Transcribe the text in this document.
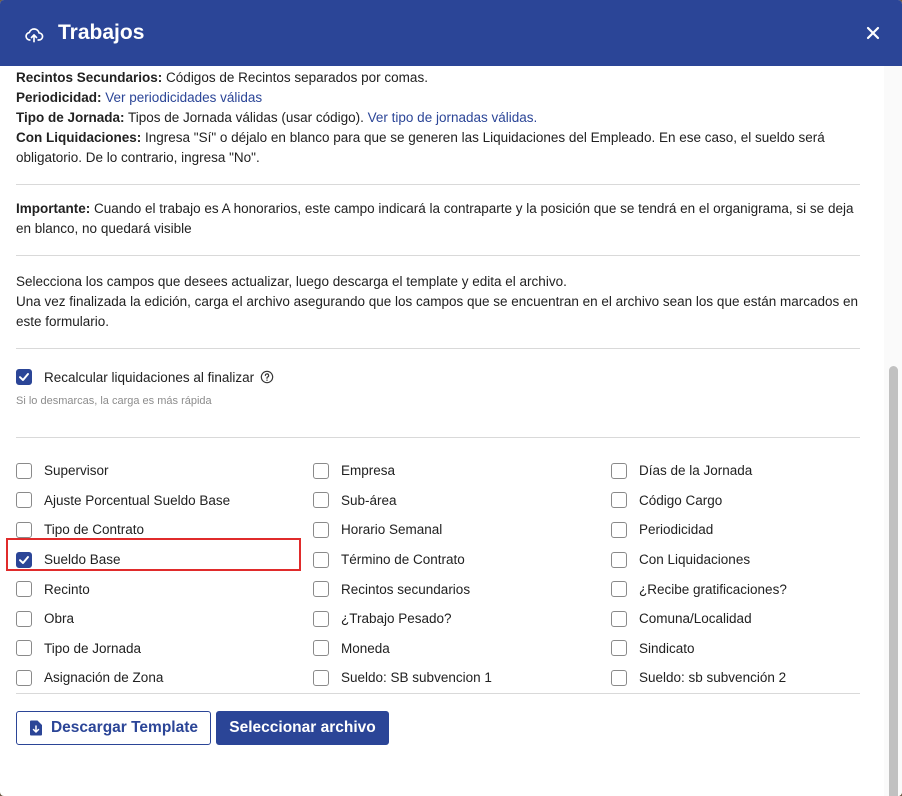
Trabajos
Recintos Secundarios: Códigos de Recintos separados por comas.
Periodicidad: Ver periodicidades válidas
Tipo de Jornada: Tipos de Jornada válidas (usar código). Ver tipo de jornadas válidas.
Con Liquidaciones: Ingresa "Sí" o déjalo en blanco para que se generen las Liquidaciones del Empleado. En ese caso, el sueldo será obligatorio. De lo contrario, ingresa "No".
Importante: Cuando el trabajo es A honorarios, este campo indicará la contraparte y la posición que se tendrá en el organigrama, si se deja en blanco, no quedará visible
Selecciona los campos que desees actualizar, luego descarga el template y edita el archivo.
Una vez finalizada la edición, carga el archivo asegurando que los campos que se encuentran en el archivo sean los que están marcados en este formulario.
Recalcular liquidaciones al finalizar
Si lo desmarcas, la carga es más rápida
Supervisor	Empresa	Días de la Jornada
Ajuste Porcentual Sueldo Base	Sub-área	Código Cargo
Tipo de Contrato	Horario Semanal	Periodicidad
Sueldo Base	Término de Contrato	Con Liquidaciones
Recinto	Recintos secundarios	¿Recibe gratificaciones?
Obra	¿Trabajo Pesado?	Comuna/Localidad
Tipo de Jornada	Moneda	Sindicato
Asignación de Zona	Sueldo: SB subvencion 1	Sueldo: sb subvención 2
Descargar Template Seleccionar archivo
